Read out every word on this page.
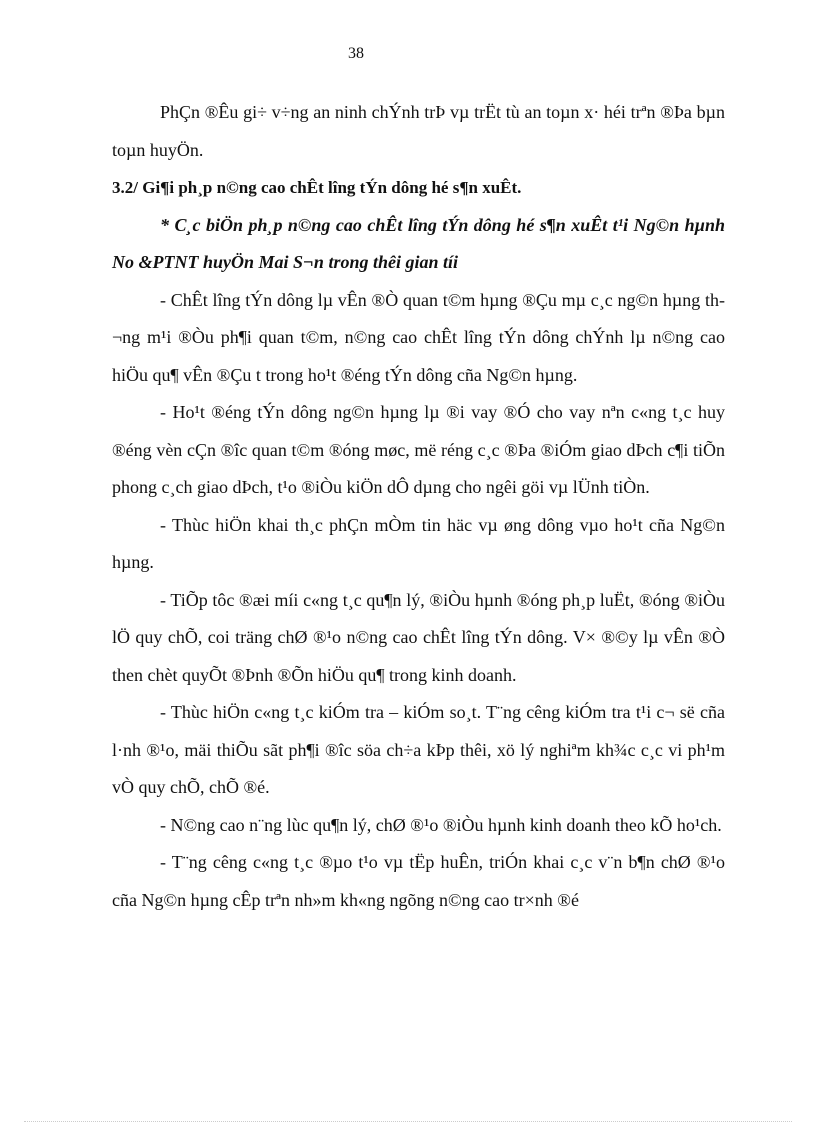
38

PhÇn ®Êu gi÷ v÷ng an ninh chÝnh trÞ vµ trËt tù an toµn x· héi trªn ®Þa bµn toµn huyÖn.

3.2/ Gi¶i ph¸p n©ng cao chÊt lîng tÝn dông hé s¶n xuÊt.

* C¸c biÖn ph¸p n©ng cao chÊt lîng tÝn dông hé s¶n xuÊt t¹i Ng©n hµnh No &PTNT huyÖn Mai S¬n trong thêi gian tíi

- ChÊt lîng tÝn dông lµ vÊn ®Ò quan t©m hµng ®Çu mµ c¸c ng©n hµng th¬ng m¹i ®Òu ph¶i quan t©m, n©ng cao chÊt lîng tÝn dông chÝnh lµ n©ng cao hiÖu qu¶ vÊn ®Çu t trong ho¹t ®éng tÝn dông cña Ng©n hµng.

- Ho¹t ®éng tÝn dông ng©n hµng lµ ®i vay ®Ó cho vay nªn c«ng t¸c huy ®éng vèn cÇn ®îc quan t©m ®óng møc, më réng c¸c ®Þa ®iÓm giao dÞch c¶i tiÕn phong c¸ch giao dÞch, t¹o ®iÒu kiÖn dÔ dµng cho ngêi göi vµ lÜnh tiÒn.

- Thùc hiÖn khai th¸c phÇn mÒm tin häc vµ øng dông vµo ho¹t cña Ng©n hµng.

- TiÕp tôc ®æi míi c«ng t¸c qu¶n lý, ®iÒu hµnh ®óng ph¸p luËt, ®óng ®iÒu lÖ quy chÕ, coi träng chØ ®¹o n©ng cao chÊt lîng tÝn dông. V× ®©y lµ vÊn ®Ò then chèt quyÕt ®Þnh ®Õn hiÖu qu¶ trong kinh doanh.

- Thùc hiÖn c«ng t¸c kiÓm tra – kiÓm so¸t. T¨ng cêng kiÓm tra t¹i c¬ së cña l·nh ®¹o, mäi thiÕu sãt ph¶i ®îc söa ch÷a kÞp thêi, xö lý nghiªm kh¾c c¸c vi ph¹m vÒ quy chÕ, chÕ ®é.

- N©ng cao n¨ng lùc qu¶n lý, chØ ®¹o ®iÒu hµnh kinh doanh theo kÕ ho¹ch.

- T¨ng cêng c«ng t¸c ®µo t¹o vµ tËp huÊn, triÓn khai c¸c v¨n b¶n chØ ®¹o cña Ng©n hµng cÊp trªn nh»m kh«ng ngõng n©ng cao tr×nh ®é
